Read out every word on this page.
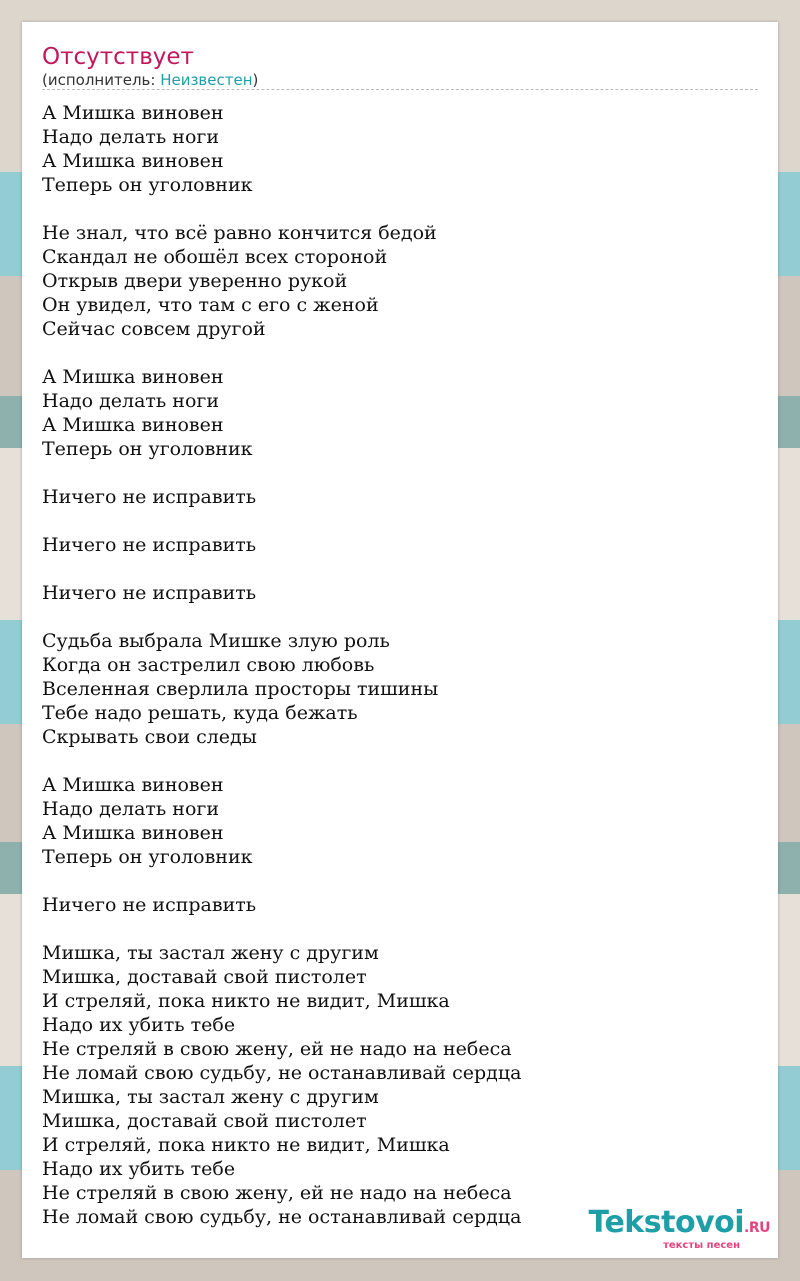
Отсутствует
(исполнитель: Неизвестен)
А Мишка виновен
Надо делать ноги
А Мишка виновен
Теперь он уголовник

Не знал, что всё равно кончится бедой
Скандал не обошёл всех стороной
Открыв двери уверенно рукой
Он увидел, что там с его с женой
Сейчас совсем другой

А Мишка виновен
Надо делать ноги
А Мишка виновен
Теперь он уголовник

Ничего не исправить

Ничего не исправить

Ничего не исправить

Судьба выбрала Мишке злую роль
Когда он застрелил свою любовь
Вселенная сверлила просторы тишины
Тебе надо решать, куда бежать
Скрывать свои следы

А Мишка виновен
Надо делать ноги
А Мишка виновен
Теперь он уголовник

Ничего не исправить

Мишка, ты застал жену с другим
Мишка, доставай свой пистолет
И стреляй, пока никто не видит, Мишка
Надо их убить тебе
Не стреляй в свою жену, ей не надо на небеса
Не ломай свою судьбу, не останавливай сердца
Мишка, ты застал жену с другим
Мишка, доставай свой пистолет
И стреляй, пока никто не видит, Мишка
Надо их убить тебе
Не стреляй в свою жену, ей не надо на небеса
Не ломай свою судьбу, не останавливай сердца Tekstovoi.RU
тексты песен
